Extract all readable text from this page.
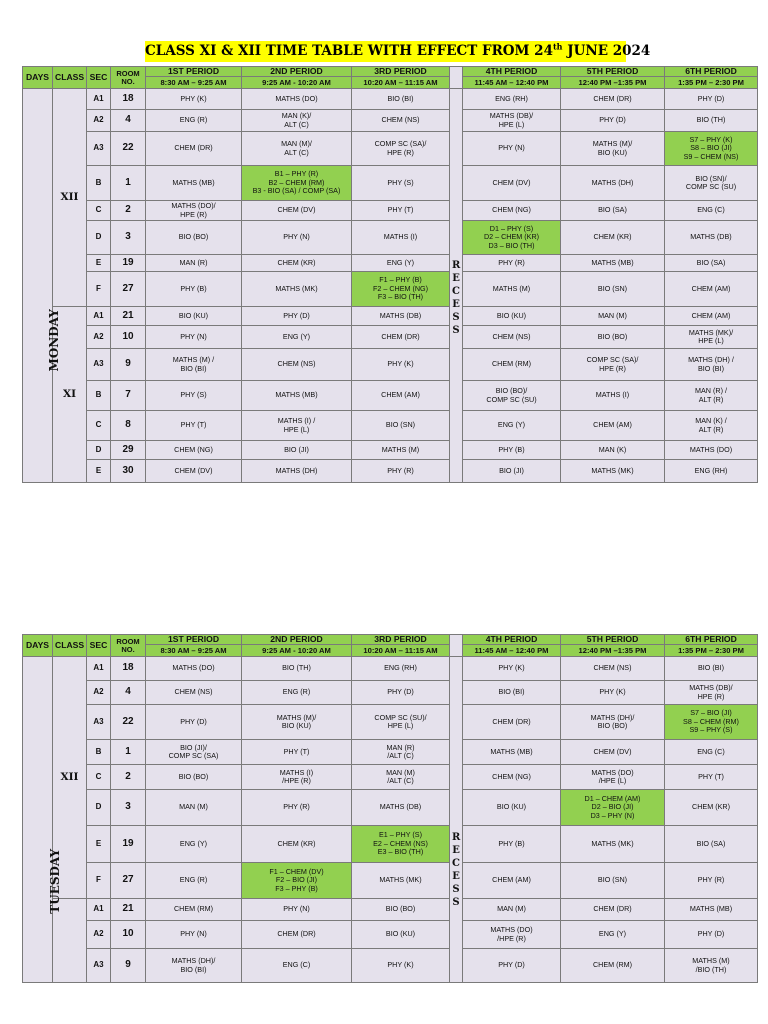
CLASS XI & XII TIME TABLE WITH EFFECT FROM 24th JUNE 2024
DAYS	CLASS	SEC	ROOM NO.	1ST PERIOD	2ND PERIOD	3RD PERIOD		4TH PERIOD	5TH PERIOD	6TH PERIOD
				8:30 AM – 9:25 AM	9:25 AM - 10:20 AM	10:20 AM – 11:15 AM		11:45 AM – 12:40 PM	12:40 PM –1:35 PM	1:35 PM – 2:30 PM
MONDAY	XII	A1	18	PHY (K)	MATHS (DO)	BIO (BI)	RECESS	ENG (RH)	CHEM (DR)	PHY (D)
		A2	4	ENG (R)	MAN (K)/
ALT (C)	CHEM (NS)		MATHS (DB)/
HPE (L)	PHY (D)	BIO (TH)
		A3	22	CHEM (DR)	MAN (M)/
ALT (C)	COMP SC (SA)/
HPE (R)		PHY (N)	MATHS (M)/
BIO (KU)	S7 – PHY (K)
S8 – BIO (JI)
S9 – CHEM (NS)
		B	1	MATHS (MB)	B1 – PHY (R)
B2 – CHEM (RM)
B3 - BIO (SA) / COMP (SA)	PHY (S)		CHEM (DV)	MATHS (DH)	BIO (SN)/
COMP SC (SU)
		C	2	MATHS (DO)/
HPE (R)	CHEM (DV)	PHY (T)		CHEM (NG)	BIO (SA)	ENG (C)
		D	3	BIO (BO)	PHY (N)	MATHS (I)		D1 – PHY (S)
D2 – CHEM (KR)
D3 – BIO (TH)	CHEM (KR)	MATHS (DB)
		E	19	MAN (R)	CHEM (KR)	ENG (Y)		PHY (R)	MATHS (MB)	BIO (SA)
		F	27	PHY (B)	MATHS (MK)	F1 – PHY (B)
F2 – CHEM (NG)
F3 – BIO (TH)		MATHS (M)	BIO (SN)	CHEM (AM)
	XI	A1	21	BIO (KU)	PHY (D)	MATHS (DB)		BIO (KU)	MAN (M)	CHEM (AM)
		A2	10	PHY (N)	ENG (Y)	CHEM (DR)		CHEM (NS)	BIO (BO)	MATHS (MK)/
HPE (L)
		A3	9	MATHS (M) /
BIO (BI)	CHEM (NS)	PHY (K)		CHEM (RM)	COMP SC (SA)/
HPE (R)	MATHS (DH) /
BIO (BI)
		B	7	PHY (S)	MATHS (MB)	CHEM (AM)		BIO (BO)/
COMP SC (SU)	MATHS (I)	MAN (R) /
ALT (R)
		C	8	PHY (T)	MATHS (I) /
HPE (L)	BIO (SN)		ENG (Y)	CHEM (AM)	MAN (K) /
ALT (R)
		D	29	CHEM (NG)	BIO (JI)	MATHS (M)		PHY (B)	MAN (K)	MATHS (DO)
		E	30	CHEM (DV)	MATHS (DH)	PHY (R)		BIO (JI)	MATHS (MK)	ENG (RH)
DAYS	CLASS	SEC	ROOM NO.	1ST PERIOD	2ND PERIOD	3RD PERIOD		4TH PERIOD	5TH PERIOD	6TH PERIOD
				8:30 AM – 9:25 AM	9:25 AM - 10:20 AM	10:20 AM – 11:15 AM		11:45 AM – 12:40 PM	12:40 PM –1:35 PM	1:35 PM – 2:30 PM
TUESDAY	XII	A1	18	MATHS (DO)	BIO (TH)	ENG (RH)	RECESS	PHY (K)	CHEM (NS)	BIO (BI)
		A2	4	CHEM (NS)	ENG (R)	PHY (D)		BIO (BI)	PHY (K)	MATHS (DB)/
HPE (R)
		A3	22	PHY (D)	MATHS (M)/
BIO (KU)	COMP SC (SU)/
HPE (L)		CHEM (DR)	MATHS (DH)/
BIO (BO)	S7 – BIO (JI)
S8 – CHEM (RM)
S9 – PHY (S)
		B	1	BIO (JI)/
COMP SC (SA)	PHY (T)	MAN (R)
/ALT (C)		MATHS (MB)	CHEM (DV)	ENG (C)
		C	2	BIO (BO)	MATHS (I)
/HPE (R)	MAN (M)
/ALT (C)		CHEM (NG)	MATHS (DO)
/HPE (L)	PHY (T)
		D	3	MAN (M)	PHY (R)	MATHS (DB)		BIO (KU)	D1 – CHEM (AM)
D2 – BIO (JI)
D3 – PHY (N)	CHEM (KR)
		E	19	ENG (Y)	CHEM (KR)	E1 – PHY (S)
E2 – CHEM (NS)
E3 – BIO (TH)		PHY (B)	MATHS (MK)	BIO (SA)
		F	27	ENG (R)	F1 – CHEM (DV)
F2 – BIO (JI)
F3 – PHY (B)	MATHS (MK)		CHEM (AM)	BIO (SN)	PHY (R)
		A1	21	CHEM (RM)	PHY (N)	BIO (BO)		MAN (M)	CHEM (DR)	MATHS (MB)
		A2	10	PHY (N)	CHEM (DR)	BIO (KU)		MATHS (DO)
/HPE (R)	ENG (Y)	PHY (D)
		A3	9	MATHS (DH)/
BIO (BI)	ENG (C)	PHY (K)		PHY (D)	CHEM (RM)	MATHS (M)
/BIO (TH)
